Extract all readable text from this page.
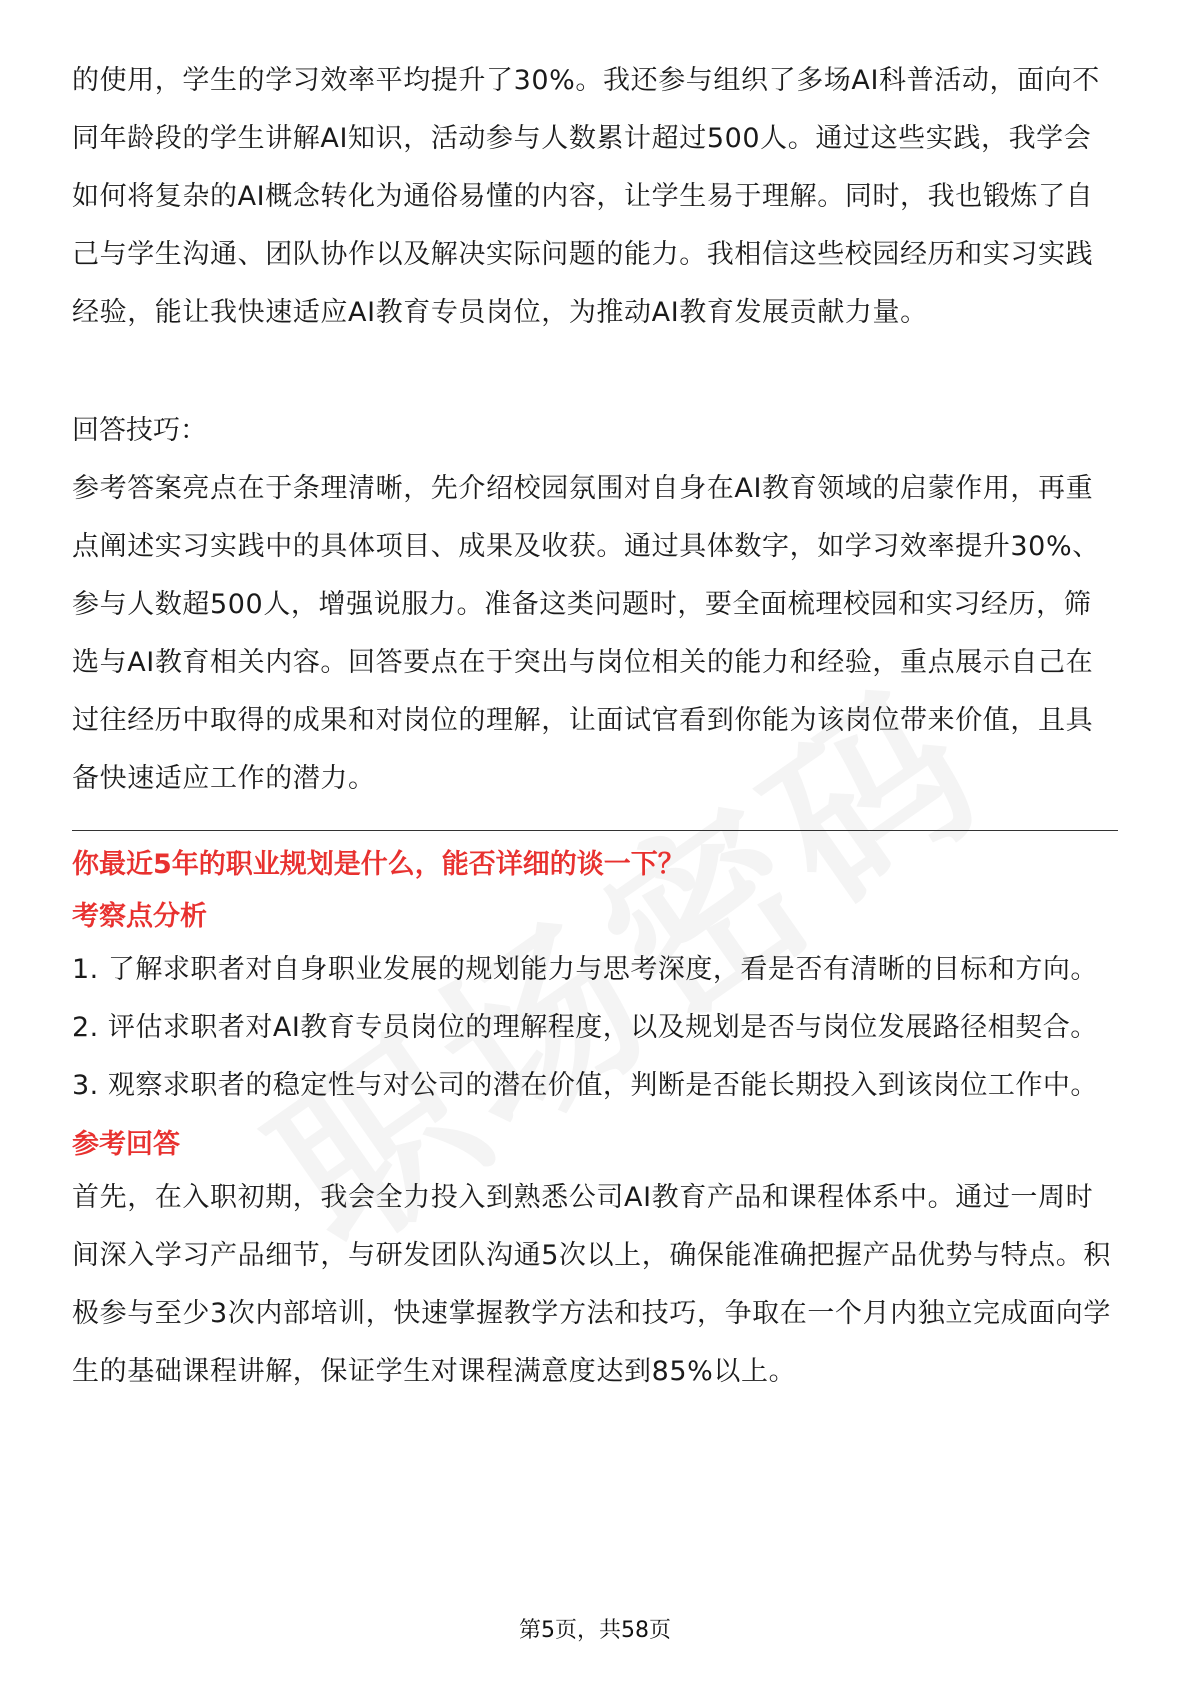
的使用，学生的学习效率平均提升了30%。我还参与组织了多场AI科普活动，面向不同年龄段的学生讲解AI知识，活动参与人数累计超过500人。通过这些实践，我学会如何将复杂的AI概念转化为通俗易懂的内容，让学生易于理解。同时，我也锻炼了自己与学生沟通、团队协作以及解决实际问题的能力。我相信这些校园经历和实习实践经验，能让我快速适应AI教育专员岗位，为推动AI教育发展贡献力量。

回答技巧：

参考答案亮点在于条理清晰，先介绍校园氛围对自身在AI教育领域的启蒙作用，再重点阐述实习实践中的具体项目、成果及收获。通过具体数字，如学习效率提升30%、参与人数超500人，增强说服力。准备这类问题时，要全面梳理校园和实习经历，筛选与AI教育相关内容。回答要点在于突出与岗位相关的能力和经验，重点展示自己在过往经历中取得的成果和对岗位的理解，让面试官看到你能为该岗位带来价值，且具备快速适应工作的潜力。

你最近5年的职业规划是什么，能否详细的谈一下？

考察点分析

1. 了解求职者对自身职业发展的规划能力与思考深度，看是否有清晰的目标和方向。

2. 评估求职者对AI教育专员岗位的理解程度，以及规划是否与岗位发展路径相契合。

3. 观察求职者的稳定性与对公司的潜在价值，判断是否能长期投入到该岗位工作中。

参考回答

首先，在入职初期，我会全力投入到熟悉公司AI教育产品和课程体系中。通过一周时间深入学习产品细节，与研发团队沟通5次以上，确保能准确把握产品优势与特点。积极参与至少3次内部培训，快速掌握教学方法和技巧，争取在一个月内独立完成面向学生的基础课程讲解，保证学生对课程满意度达到85%以上。

第5页，共58页
